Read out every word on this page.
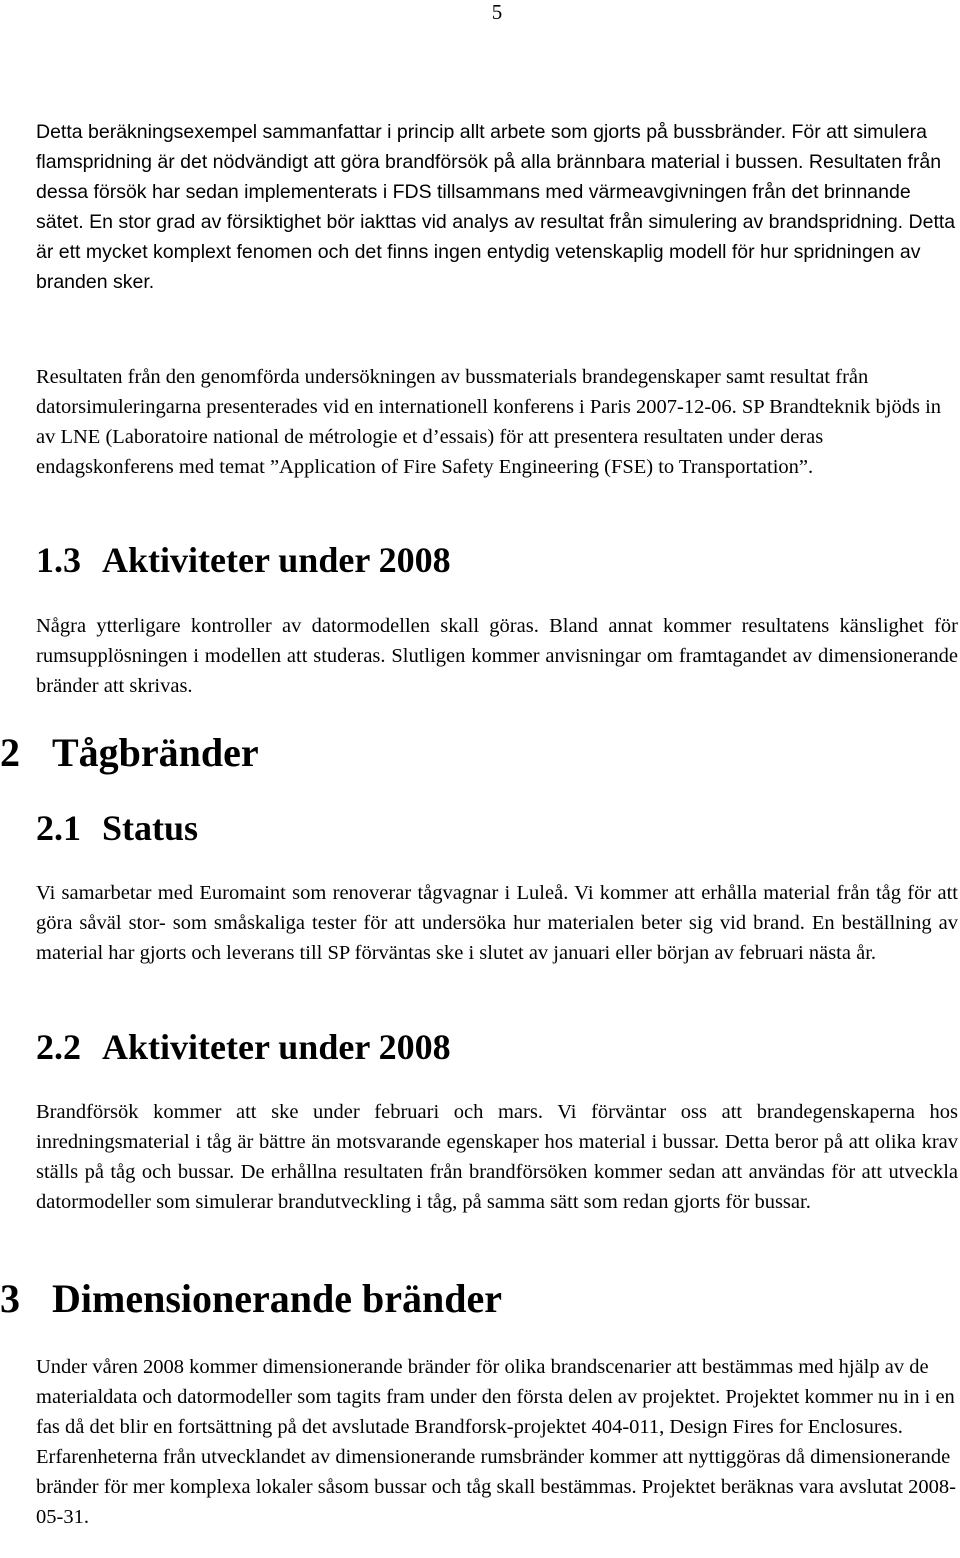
5

Detta beräkningsexempel sammanfattar i princip allt arbete som gjorts på bussbränder. För att simulera flamspridning är det nödvändigt att göra brandförsök på alla brännbara material i bussen. Resultaten från dessa försök har sedan implementerats i FDS tillsammans med värmeavgivningen från det brinnande sätet. En stor grad av försiktighet bör iakttas vid analys av resultat från simulering av brandspridning. Detta är ett mycket komplext fenomen och det finns ingen entydig vetenskaplig modell för hur spridningen av branden sker.

Resultaten från den genomförda undersökningen av bussmaterials brandegenskaper samt resultat från datorsimuleringarna presenterades vid en internationell konferens i Paris 2007-12-06. SP Brandteknik bjöds in av LNE (Laboratoire national de métrologie et d’essais) för att presentera resultaten under deras endagskonferens med temat ”Application of Fire Safety Engineering (FSE) to Transportation”.

1.3 Aktiviteter under 2008

Några ytterligare kontroller av datormodellen skall göras. Bland annat kommer resultatens känslighet för rumsupplösningen i modellen att studeras. Slutligen kommer anvisningar om framtagandet av dimensionerande bränder att skrivas.

2 Tågbränder
2.1 Status

Vi samarbetar med Euromaint som renoverar tågvagnar i Luleå. Vi kommer att erhålla material från tåg för att göra såväl stor- som småskaliga tester för att undersöka hur materialen beter sig vid brand. En beställning av material har gjorts och leverans till SP förväntas ske i slutet av januari eller början av februari nästa år.

2.2 Aktiviteter under 2008

Brandförsök kommer att ske under februari och mars. Vi förväntar oss att brandegenskaperna hos inredningsmaterial i tåg är bättre än motsvarande egenskaper hos material i bussar. Detta beror på att olika krav ställs på tåg och bussar. De erhållna resultaten från brandförsöken kommer sedan att användas för att utveckla datormodeller som simulerar brandutveckling i tåg, på samma sätt som redan gjorts för bussar.

3 Dimensionerande bränder

Under våren 2008 kommer dimensionerande bränder för olika brandscenarier att bestämmas med hjälp av de materialdata och datormodeller som tagits fram under den första delen av projektet. Projektet kommer nu in i en fas då det blir en fortsättning på det avslutade Brandforsk-projektet 404-011, Design Fires for Enclosures. Erfarenheterna från utvecklandet av dimensionerande rumsbränder kommer att nyttiggöras då dimensionerande bränder för mer komplexa lokaler såsom bussar och tåg skall bestämmas. Projektet beräknas vara avslutat 2008-05-31.
